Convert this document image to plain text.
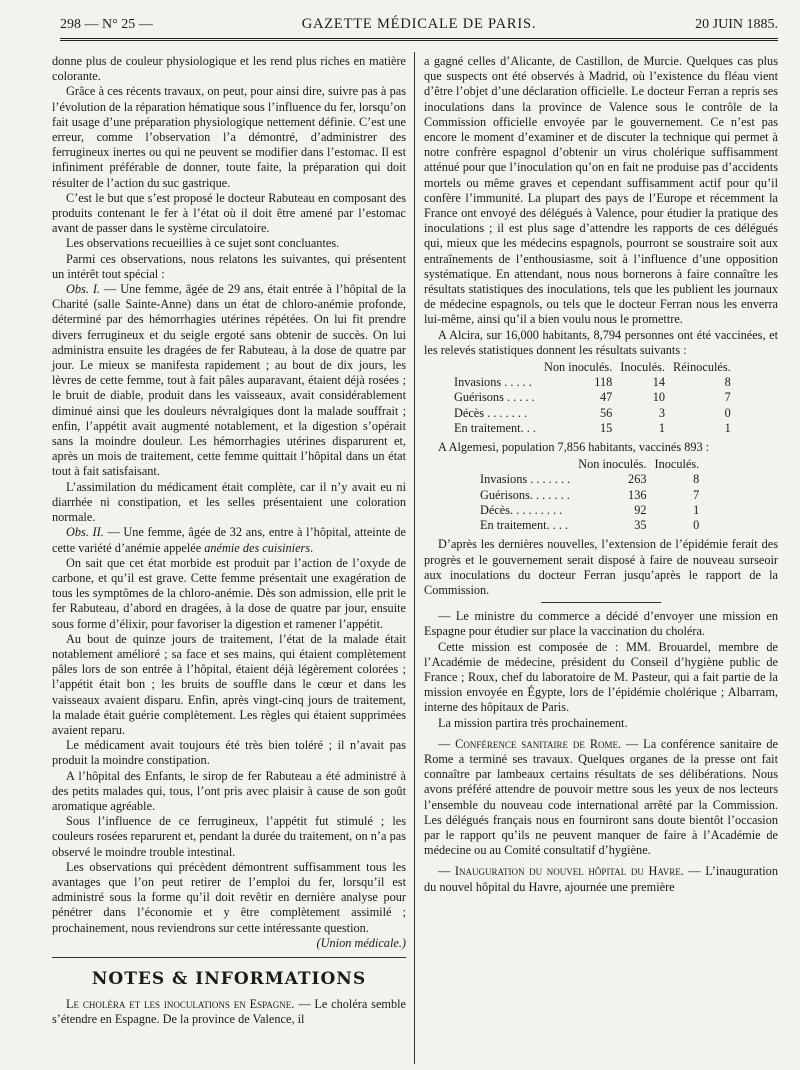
298 — N° 25 —	GAZETTE MÉDICALE DE PARIS.	20 JUIN 1885.

donne plus de couleur physiologique et les rend plus riches en matière colorante.

Grâce à ces récents travaux, on peut, pour ainsi dire, suivre pas à pas l’évolution de la réparation hématique sous l’influence du fer, lorsqu’on fait usage d’une préparation physiologique nettement définie. C’est une erreur, comme l’observation l’a démontré, d’administrer des ferrugineux inertes ou qui ne peuvent se modifier dans l’estomac. Il est infiniment préférable de donner, toute faite, la préparation qui doit résulter de l’action du suc gastrique.

C’est le but que s’est proposé le docteur Rabuteau en composant des produits contenant le fer à l’état où il doit être amené par l’estomac avant de passer dans le système circulatoire.

Les observations recueillies à ce sujet sont concluantes.

Parmi ces observations, nous relatons les suivantes, qui présentent un intérêt tout spécial :

Obs. I. — Une femme, âgée de 29 ans, était entrée à l’hôpital de la Charité (salle Sainte-Anne) dans un état de chloro-anémie profonde, déterminé par des hémorrhagies utérines répétées. On lui fit prendre divers ferrugineux et du seigle ergoté sans obtenir de succès. On lui administra ensuite les dragées de fer Rabuteau, à la dose de quatre par jour. Le mieux se manifesta rapidement ; au bout de dix jours, les lèvres de cette femme, tout à fait pâles auparavant, étaient déjà rosées ; le bruit de diable, produit dans les vaisseaux, avait considérablement diminué ainsi que les douleurs névralgiques dont la malade souffrait ; enfin, l’appétit avait augmenté notablement, et la digestion s’opérait sans la moindre douleur. Les hémorrhagies utérines disparurent et, après un mois de traitement, cette femme quittait l’hôpital dans un état tout à fait satisfaisant.

L’assimilation du médicament était complète, car il n’y avait eu ni diarrhée ni constipation, et les selles présentaient une coloration normale.

Obs. II. — Une femme, âgée de 32 ans, entre à l’hôpital, atteinte de cette variété d’anémie appelée anémie des cuisiniers.

On sait que cet état morbide est produit par l’action de l’oxyde de carbone, et qu’il est grave. Cette femme présentait une exagération de tous les symptômes de la chloro-anémie. Dès son admission, elle prit le fer Rabuteau, d’abord en dragées, à la dose de quatre par jour, ensuite sous forme d’élixir, pour favoriser la digestion et ramener l’appétit.

Au bout de quinze jours de traitement, l’état de la malade était notablement amélioré ; sa face et ses mains, qui étaient complètement pâles lors de son entrée à l’hôpital, étaient déjà légèrement colorées ; l’appétit était bon ; les bruits de souffle dans le cœur et dans les vaisseaux avaient disparu. Enfin, après vingt-cinq jours de traitement, la malade était guérie complètement. Les règles qui étaient supprimées avaient reparu.

Le médicament avait toujours été très bien toléré ; il n’avait pas produit la moindre constipation.

A l’hôpital des Enfants, le sirop de fer Rabuteau a été administré à des petits malades qui, tous, l’ont pris avec plaisir à cause de son goût aromatique agréable.

Sous l’influence de ce ferrugineux, l’appétit fut stimulé ; les couleurs rosées reparurent et, pendant la durée du traitement, on n’a pas observé le moindre trouble intestinal.

Les observations qui précèdent démontrent suffisamment tous les avantages que l’on peut retirer de l’emploi du fer, lorsqu’il est administré sous la forme qu’il doit revêtir en dernière analyse pour pénétrer dans l’économie et y être complètement assimilé ; prochainement, nous reviendrons sur cette intéressante question.

(Union médicale.)

NOTES & INFORMATIONS

Le choléra et les inoculations en Espagne. — Le choléra semble s’étendre en Espagne. De la province de Valence, il

a gagné celles d’Alicante, de Castillon, de Murcie. Quelques cas plus que suspects ont été observés à Madrid, où l’existence du fléau vient d’être l’objet d’une déclaration officielle. Le docteur Ferran a repris ses inoculations dans la province de Valence sous le contrôle de la Commission officielle envoyée par le gouvernement. Ce n’est pas encore le moment d’examiner et de discuter la technique qui permet à notre confrère espagnol d’obtenir un virus cholérique suffisamment atténué pour que l’inoculation qu’on en fait ne produise pas d’accidents mortels ou même graves et cependant suffisamment actif pour qu’il confère l’immunité. La plupart des pays de l’Europe et récemment la France ont envoyé des délégués à Valence, pour étudier la pratique des inoculations ; il est plus sage d’attendre les rapports de ces délégués qui, mieux que les médecins espagnols, pourront se soustraire soit aux entraînements de l’enthousiasme, soit à l’influence d’une opposition systématique. En attendant, nous nous bornerons à faire connaître les résultats statistiques des inoculations, tels que les publient les journaux de médecine espagnols, ou tels que le docteur Ferran nous les enverra lui-même, ainsi qu’il a bien voulu nous le promettre.

A Alcira, sur 16,000 habitants, 8,794 personnes ont été vaccinées, et les relevés statistiques donnent les résultats suivants :

	Non inoculés.	Inoculés.	Réinoculés.
Invasions . . . . .	118	14	8
Guérisons . . . . .	47	10	7
Décès . . . . . . .	56	3	0
En traitement. . .	15	1	1

A Algemesi, population 7,856 habitants, vaccinés 893 :

	Non inoculés.	Inoculés.
Invasions . . . . . . .	263	8
Guérisons. . . . . . .	136	7
Décès. . . . . . . . .	92	1
En traitement. . . .	35	0

D’après les dernières nouvelles, l’extension de l’épidémie ferait des progrès et le gouvernement serait disposé à faire de nouveau surseoir aux inoculations du docteur Ferran jusqu’après le rapport de la Commission.

— Le ministre du commerce a décidé d’envoyer une mission en Espagne pour étudier sur place la vaccination du choléra.

Cette mission est composée de : MM. Brouardel, membre de l’Académie de médecine, président du Conseil d’hygiène public de France ; Roux, chef du laboratoire de M. Pasteur, qui a fait partie de la mission envoyée en Égypte, lors de l’épidémie cholérique ; Albarram, interne des hôpitaux de Paris.

La mission partira très prochainement.

— Conférence sanitaire de Rome. — La conférence sanitaire de Rome a terminé ses travaux. Quelques organes de la presse ont fait connaître par lambeaux certains résultats de ses délibérations. Nous avons préféré attendre de pouvoir mettre sous les yeux de nos lecteurs l’ensemble du nouveau code international arrêté par la Commission. Les délégués français nous en fourniront sans doute bientôt l’occasion par le rapport qu’ils ne peuvent manquer de faire à l’Académie de médecine ou au Comité consultatif d’hygiène.

— Inauguration du nouvel hôpital du Havre. — L’inauguration du nouvel hôpital du Havre, ajournée une première
